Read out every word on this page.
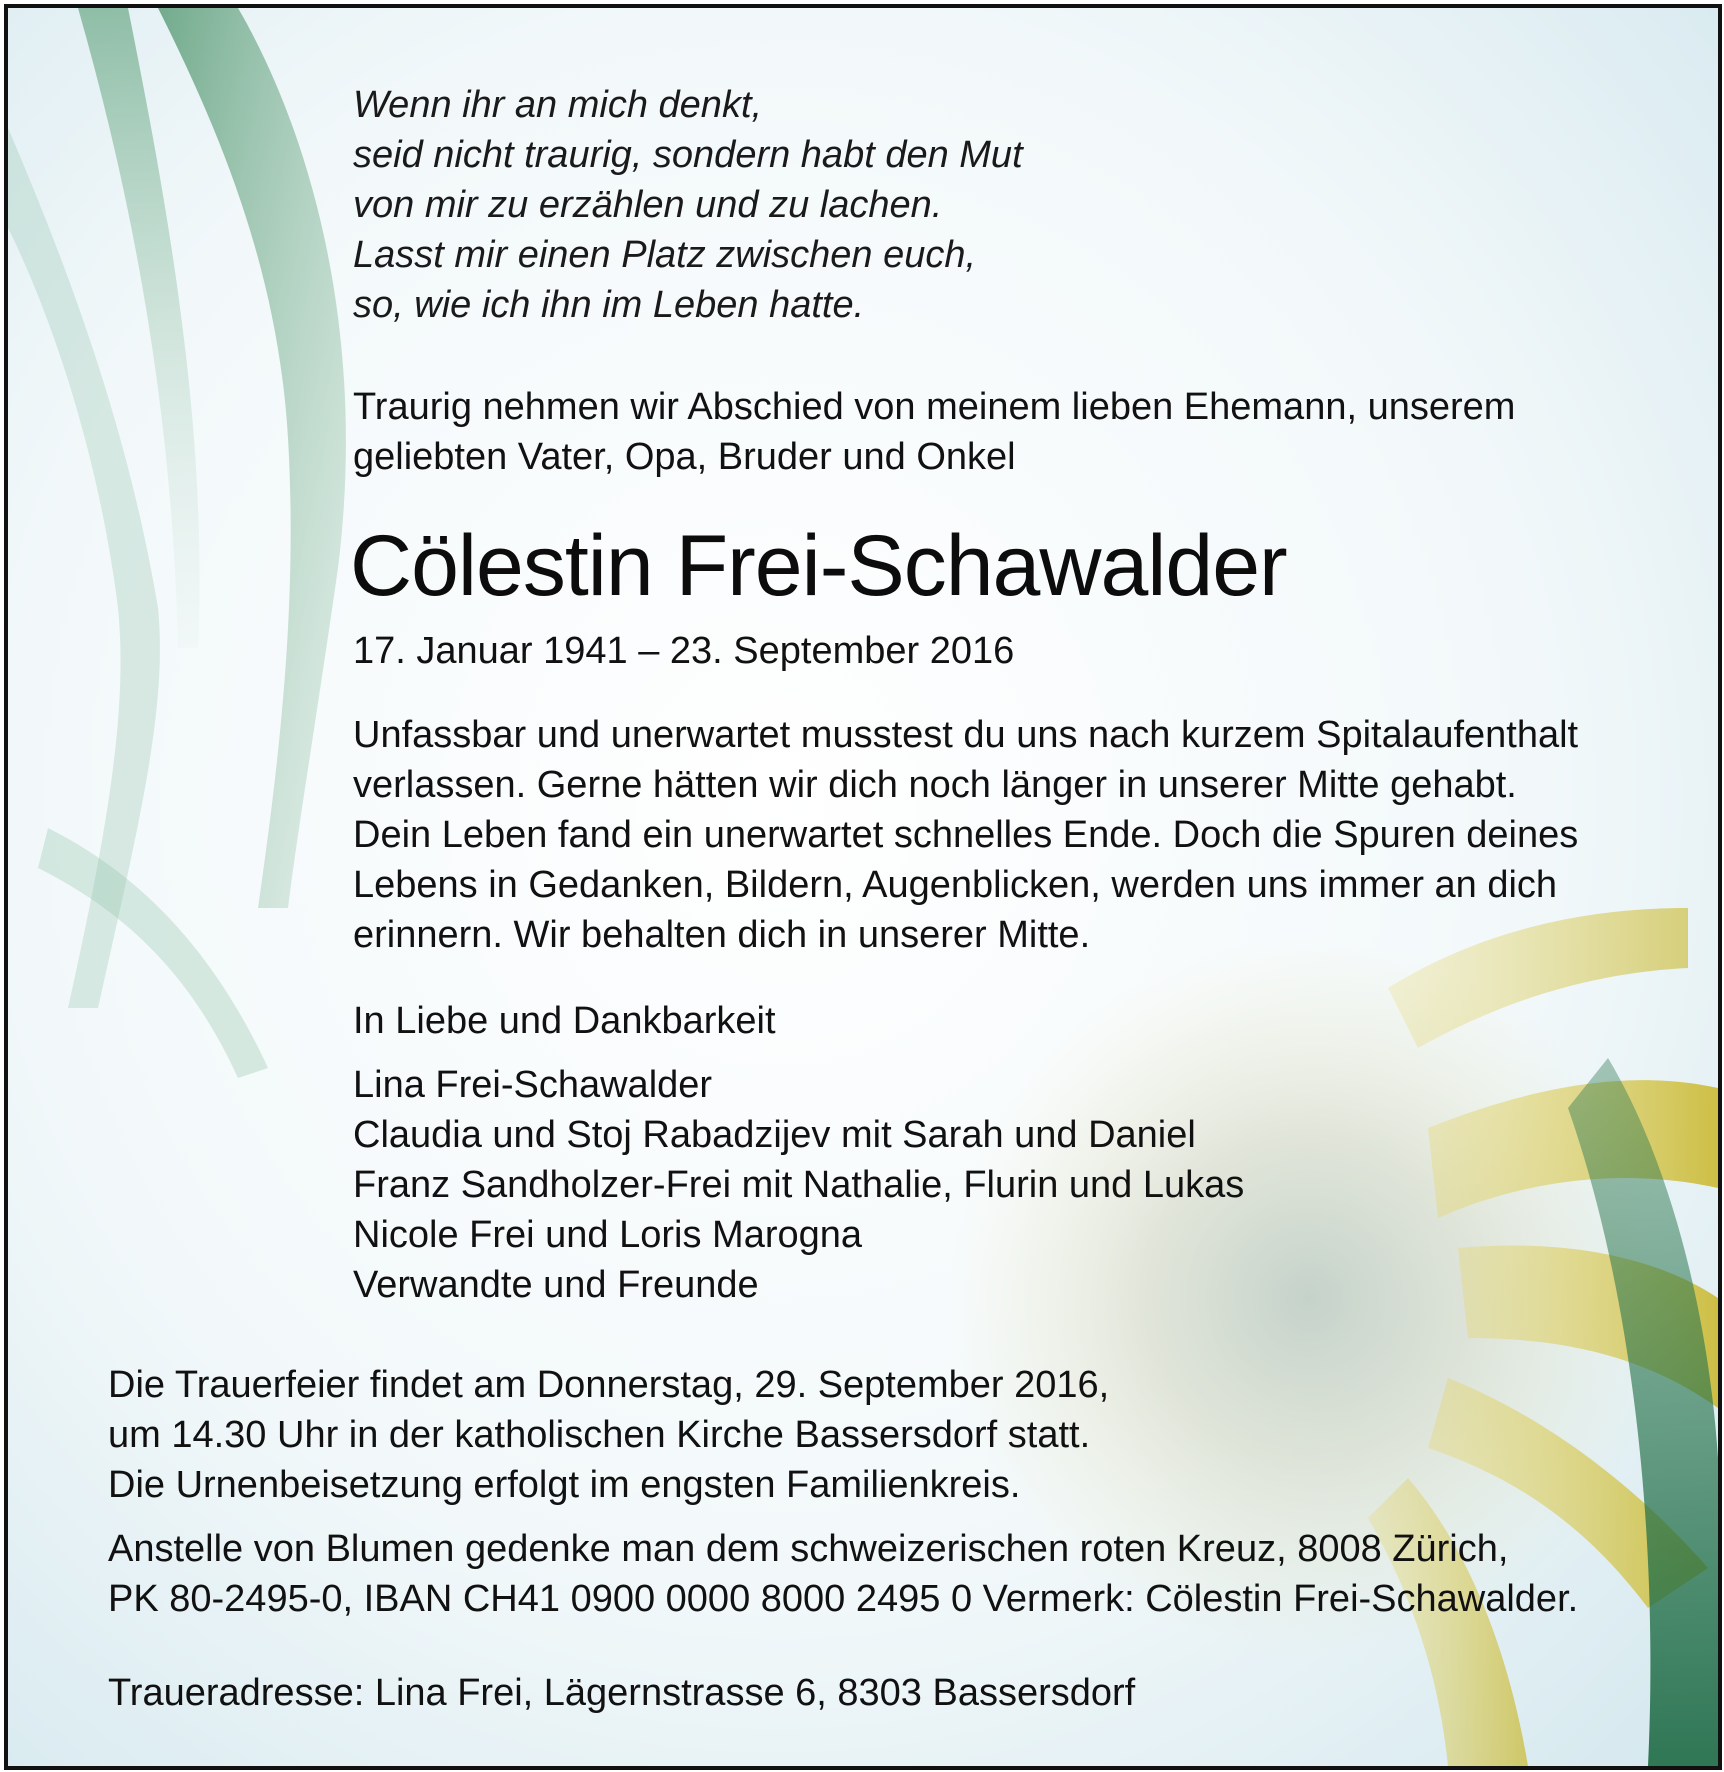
Wenn ihr an mich denkt,

seid nicht traurig, sondern habt den Mut

von mir zu erzählen und zu lachen.

Lasst mir einen Platz zwischen euch,

so, wie ich ihn im Leben hatte.

Traurig nehmen wir Abschied von meinem lieben Ehemann, unserem

geliebten Vater, Opa, Bruder und Onkel

Cölestin Frei-Schawalder
17. Januar 1941 – 23. September 2016

Unfassbar und unerwartet musstest du uns nach kurzem Spitalaufenthalt

verlassen. Gerne hätten wir dich noch länger in unserer Mitte gehabt.

Dein Leben fand ein unerwartet schnelles Ende. Doch die Spuren deines

Lebens in Gedanken, Bildern, Augenblicken, werden uns immer an dich

erinnern. Wir behalten dich in unserer Mitte.

In Liebe und Dankbarkeit
Lina Frei-Schawalder
Claudia und Stoj Rabadzijev mit Sarah und Daniel
Franz Sandholzer-Frei mit Nathalie, Flurin und Lukas
Nicole Frei und Loris Marogna
Verwandte und Freunde

Die Trauerfeier findet am Donnerstag, 29. September 2016,

um 14.30 Uhr in der katholischen Kirche Bassersdorf statt.

Die Urnenbeisetzung erfolgt im engsten Familienkreis.

Anstelle von Blumen gedenke man dem schweizerischen roten Kreuz, 8008 Zürich,

PK 80-2495-0, IBAN CH41 0900 0000 8000 2495 0 Vermerk: Cölestin Frei-Schawalder.

Traueradresse: Lina Frei, Lägernstrasse 6, 8303 Bassersdorf
